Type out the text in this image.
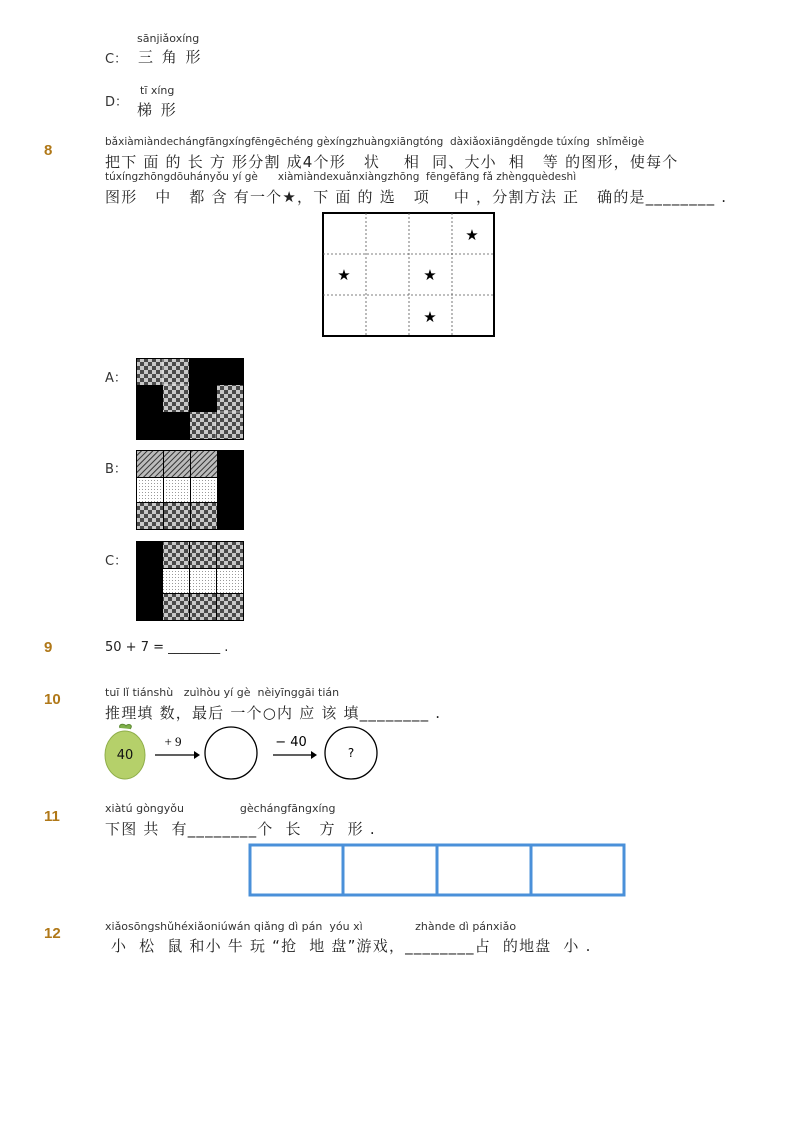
sānjiǎoxíng
C： 三 角 形
tī xíng
D： 梯 形
8	bǎxiàmiàndechángfāngxíngfēngēchéng gèxíngzhuàngxiāngtóng  dàxiǎoxiāngděngde túxíng  shǐměigè
把下 面 的 长 方 形分割 成4个形   状    相  同、大小  相   等 的图形，使每个
túxíngzhōngdōuhányǒu yí gè      xiàmiàndexuǎnxiàngzhōng  fēngēfāng fǎ zhèngquèdeshì
图形   中   都 含 有一个★，下 面 的 选   项    中 ，分割方法 正   确的是________ .
★
★	★
★
A：
B：
C：
9	50 + 7 = ________ .
10	tuī lǐ tiánshù   zuìhòu yí gè  nèiyīnggāi tián
推理填 数，最后 一个○内 应 该 填________ .
40
+ 9	− 40
?
11	xiàtú gòngyǒu                gèchángfāngxíng
下图 共  有________个  长   方  形 .
12	xiǎosōngshǔhéxiǎoniúwán qiǎng dì pán  yóu xì               zhànde dì pánxiǎo
小  松  鼠 和小 牛 玩 “抢  地 盘”游戏，________占  的地盘  小 .
